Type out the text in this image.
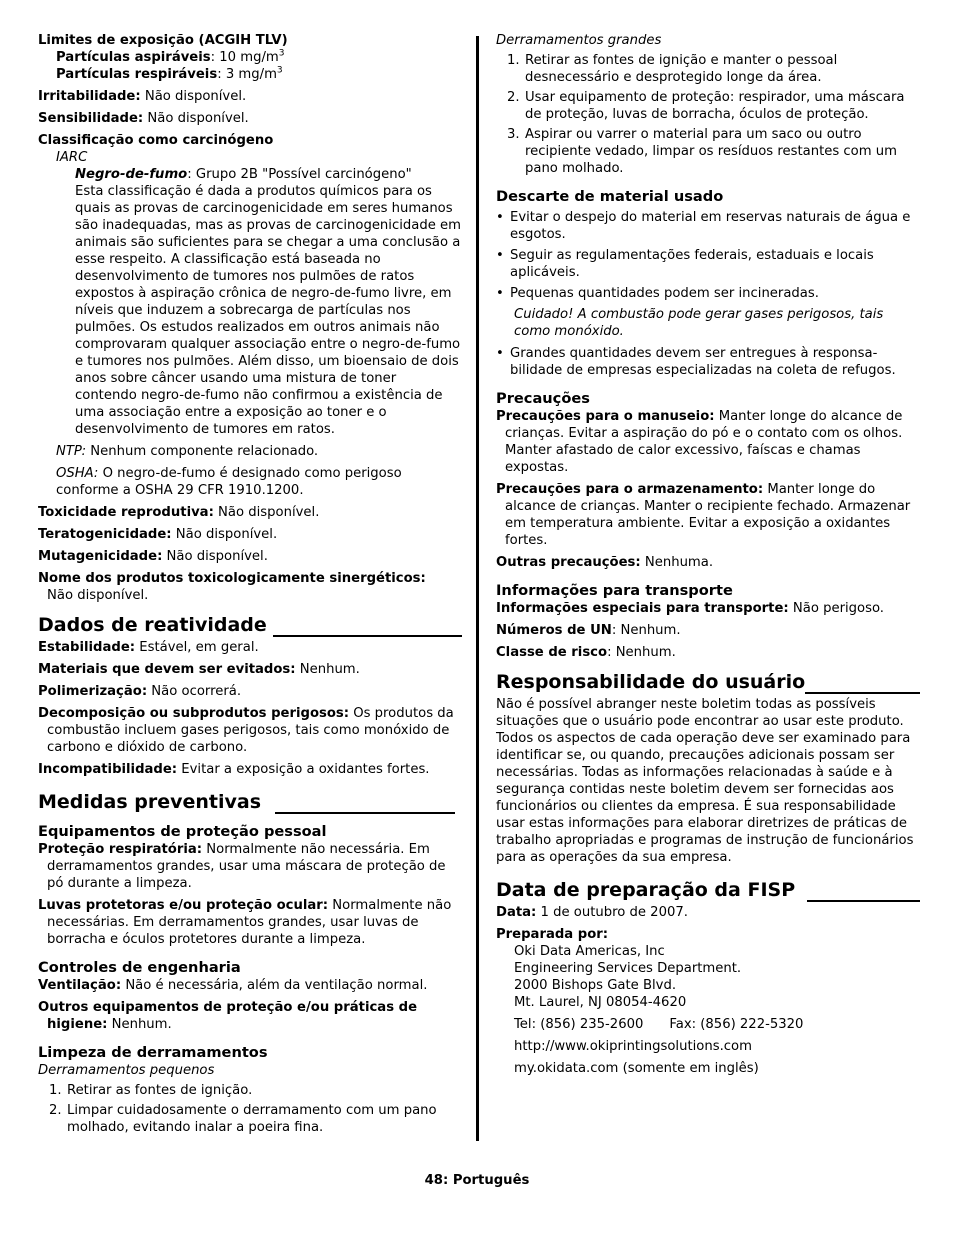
Limites de exposição (ACGIH TLV)
Partículas aspiráveis: 10 $mg/m^3$
Partículas respiráveis: 3 $mg/m^3$
Irritabilidade: Não disponível.
Sensibilidade: Não disponível.
Classificação como carcinógeno
IARC
Negro-de-fumo: Grupo 2B "Possível carcinógeno"
Esta classificação é dada a produtos químicos para os quais as provas de carcinogenicidade em seres humanos são inadequadas, mas as provas de carcinogenicidade em animais são suficientes para se chegar a uma conclusão a esse respeito. A classificação está baseada no desenvolvimento de tumores nos pulmões de ratos expostos à aspiração crônica de negro-de-fumo livre, em níveis que induzem a sobrecarga de partículas nos pulmões. Os estudos realizados em outros animais não comprovaram qualquer associação entre o negro-de-fumo e tumores nos pulmões. Além disso, um bioensaio de dois anos sobre câncer usando uma mistura de toner contendo negro-de-fumo não confirmou a existência de uma associação entre a exposição ao toner e o desenvolvimento de tumores em ratos.
NTP: Nenhum componente relacionado.
OSHA: O negro-de-fumo é designado como perigoso conforme a OSHA 29 CFR 1910.1200.
Toxicidade reprodutiva: Não disponível.
Teratogenicidade: Não disponível.
Mutagenicidade: Não disponível.
Nome dos produtos toxicologicamente sinergéticos:
Não disponível.
Dados de reatividade
Estabilidade: Estável, em geral.
Materiais que devem ser evitados: Nenhum.
Polimerização: Não ocorrerá.
Decomposição ou subprodutos perigosos: Os produtos da combustão incluem gases perigosos, tais como monóxido de carbono e dióxido de carbono.
Incompatibilidade: Evitar a exposição a oxidantes fortes.
Medidas preventivas
Equipamentos de proteção pessoal
Proteção respiratória: Normalmente não necessária. Em derramamentos grandes, usar uma máscara de proteção de pó durante a limpeza.
Luvas protetoras e/ou proteção ocular: Normalmente não necessárias. Em derramamentos grandes, usar luvas de borracha e óculos protetores durante a limpeza.
Controles de engenharia
Ventilação: Não é necessária, além da ventilação normal.
Outros equipamentos de proteção e/ou práticas de higiene: Nenhum.
Limpeza de derramamentos
Derramamentos pequenos
1. Retirar as fontes de ignição.
2. Limpar cuidadosamente o derramamento com um pano molhado, evitando inalar a poeira fina.
Derramamentos grandes
1. Retirar as fontes de ignição e manter o pessoal desnecessário e desprotegido longe da área.
2. Usar equipamento de proteção: respirador, uma máscara de proteção, luvas de borracha, óculos de proteção.
3. Aspirar ou varrer o material para um saco ou outro recipiente vedado, limpar os resíduos restantes com um pano molhado.
Descarte de material usado
• Evitar o despejo do material em reservas naturais de água e esgotos.
• Seguir as regulamentações federais, estaduais e locais aplicáveis.
• Pequenas quantidades podem ser incineradas.
Cuidado! A combustão pode gerar gases perigosos, tais como monóxido.
• Grandes quantidades devem ser entregues à responsa-bilidade de empresas especializadas na coleta de refugos.
Precauções
Precauções para o manuseio: Manter longe do alcance de crianças. Evitar a aspiração do pó e o contato com os olhos. Manter afastado de calor excessivo, faíscas e chamas expostas.
Precauções para o armazenamento: Manter longe do alcance de crianças. Manter o recipiente fechado. Armazenar em temperatura ambiente. Evitar a exposição a oxidantes fortes.
Outras precauções: Nenhuma.
Informações para transporte
Informações especiais para transporte: Não perigoso.
Números de UN: Nenhum.
Classe de risco: Nenhum.
Responsabilidade do usuário
Não é possível abranger neste boletim todas as possíveis situações que o usuário pode encontrar ao usar este produto. Todos os aspectos de cada operação deve ser examinado para identificar se, ou quando, precauções adicionais possam ser necessárias. Todas as informações relacionadas à saúde e à segurança contidas neste boletim devem ser fornecidas aos funcionários ou clientes da empresa. É sua responsabilidade usar estas informações para elaborar diretrizes de práticas de trabalho apropriadas e programas de instrução de funcionários para as operações da sua empresa.
Data de preparação da FISP
Data: 1 de outubro de 2007.
Preparada por:
Oki Data Americas, Inc
Engineering Services Department.
2000 Bishops Gate Blvd.
Mt. Laurel, NJ 08054-4620
Tel: (856) 235-2600 Fax: (856) 222-5320
http://www.okiprintingsolutions.com
my.okidata.com (somente em inglês)
48: Português
